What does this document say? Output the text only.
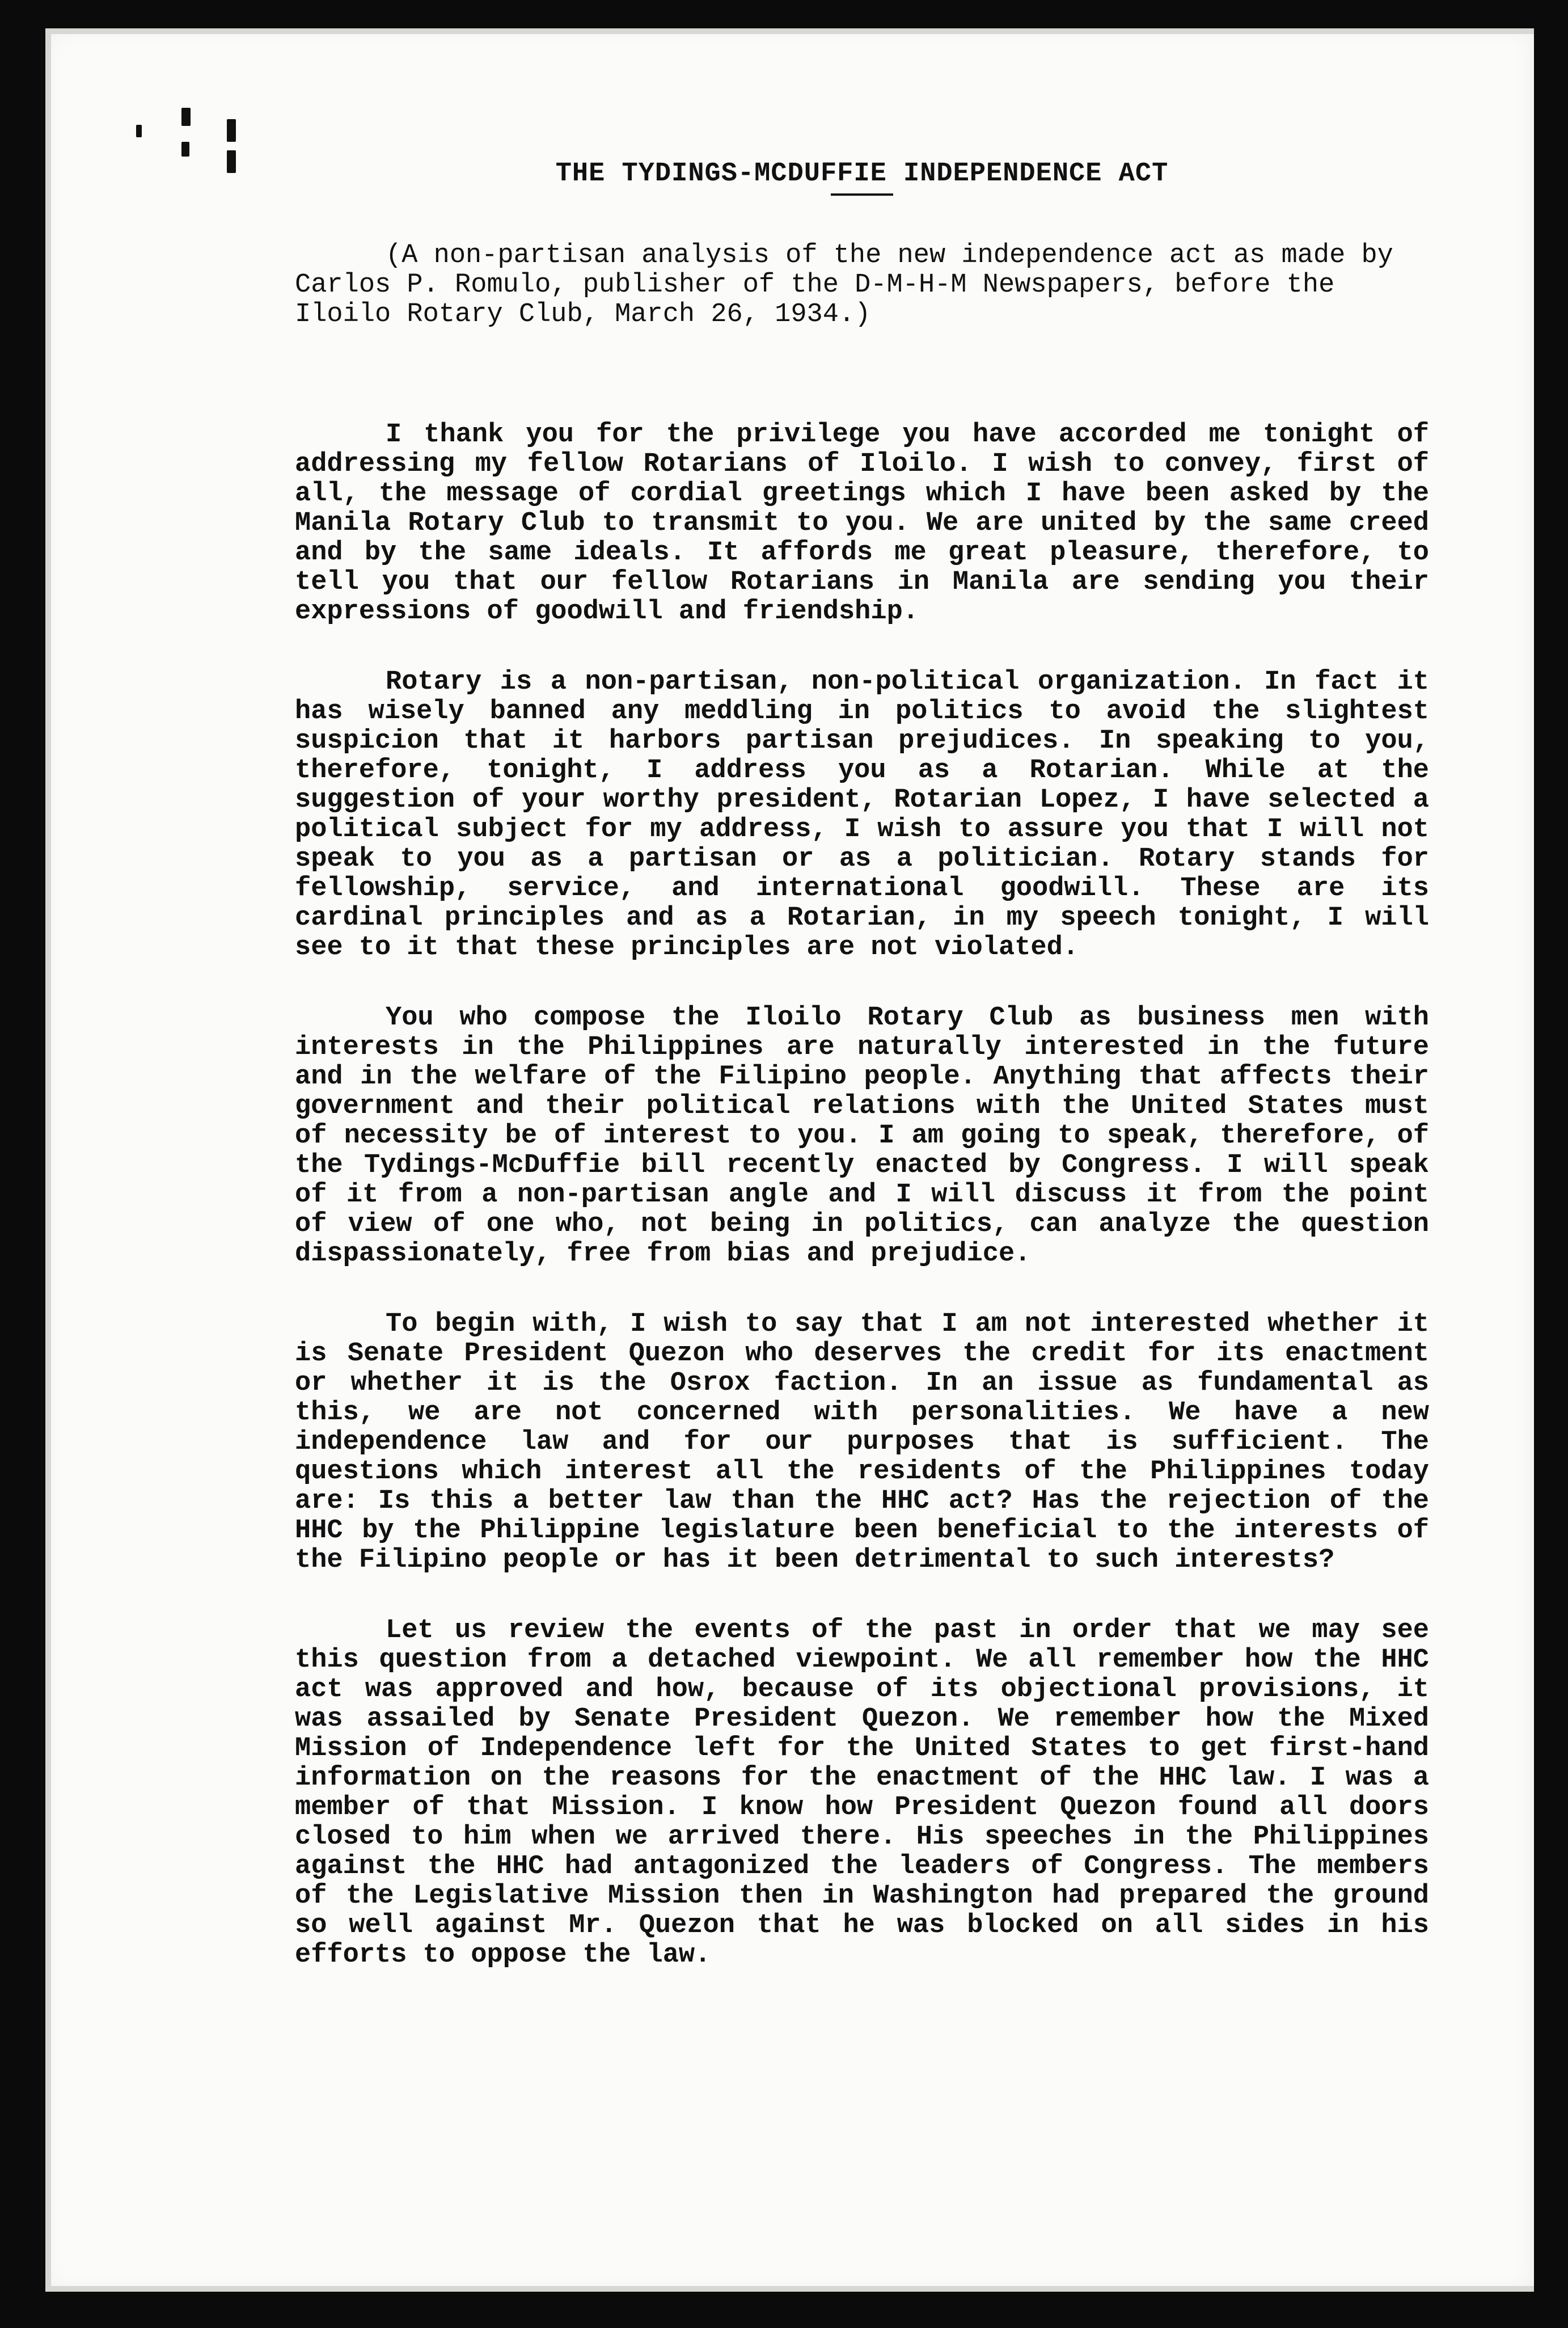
THE TYDINGS-MCDUFFIE INDEPENDENCE ACT
(A non-partisan analysis of the new independence act as made by Carlos P. Romulo, publisher of the D-M-H-M Newspapers, before the Iloilo Rotary Club, March 26, 1934.)
I thank you for the privilege you have accorded me tonight of addressing my fellow Rotarians of Iloilo. I wish to convey, first of all, the message of cordial greetings which I have been asked by the Manila Rotary Club to transmit to you. We are united by the same creed and by the same ideals. It affords me great pleasure, therefore, to tell you that our fellow Rotarians in Manila are sending you their expressions of goodwill and friendship.
Rotary is a non-partisan, non-political organization. In fact it has wisely banned any meddling in politics to avoid the slightest suspicion that it harbors partisan prejudices. In speaking to you, therefore, tonight, I address you as a Rotarian. While at the suggestion of your worthy president, Rotarian Lopez, I have selected a political subject for my address, I wish to assure you that I will not speak to you as a partisan or as a politician. Rotary stands for fellowship, service, and international goodwill. These are its cardinal principles and as a Rotarian, in my speech tonight, I will see to it that these principles are not violated.
You who compose the Iloilo Rotary Club as business men with interests in the Philippines are naturally interested in the future and in the welfare of the Filipino people. Anything that affects their government and their political relations with the United States must of necessity be of interest to you. I am going to speak, therefore, of the Tydings-McDuffie bill recently enacted by Congress. I will speak of it from a non-partisan angle and I will discuss it from the point of view of one who, not being in politics, can analyze the question dispassionately, free from bias and prejudice.
To begin with, I wish to say that I am not interested whether it is Senate President Quezon who deserves the credit for its enactment or whether it is the Osrox faction. In an issue as fundamental as this, we are not concerned with personalities. We have a new independence law and for our purposes that is sufficient. The questions which interest all the residents of the Philippines today are: Is this a better law than the HHC act? Has the rejection of the HHC by the Philippine legislature been beneficial to the interests of the Filipino people or has it been detrimental to such interests?
Let us review the events of the past in order that we may see this question from a detached viewpoint. We all remember how the HHC act was approved and how, because of its objectional provisions, it was assailed by Senate President Quezon. We remember how the Mixed Mission of Independence left for the United States to get first-hand information on the reasons for the enactment of the HHC law. I was a member of that Mission. I know how President Quezon found all doors closed to him when we arrived there. His speeches in the Philippines against the HHC had antagonized the leaders of Congress. The members of the Legislative Mission then in Washington had prepared the ground so well against Mr. Quezon that he was blocked on all sides in his efforts to oppose the law.
